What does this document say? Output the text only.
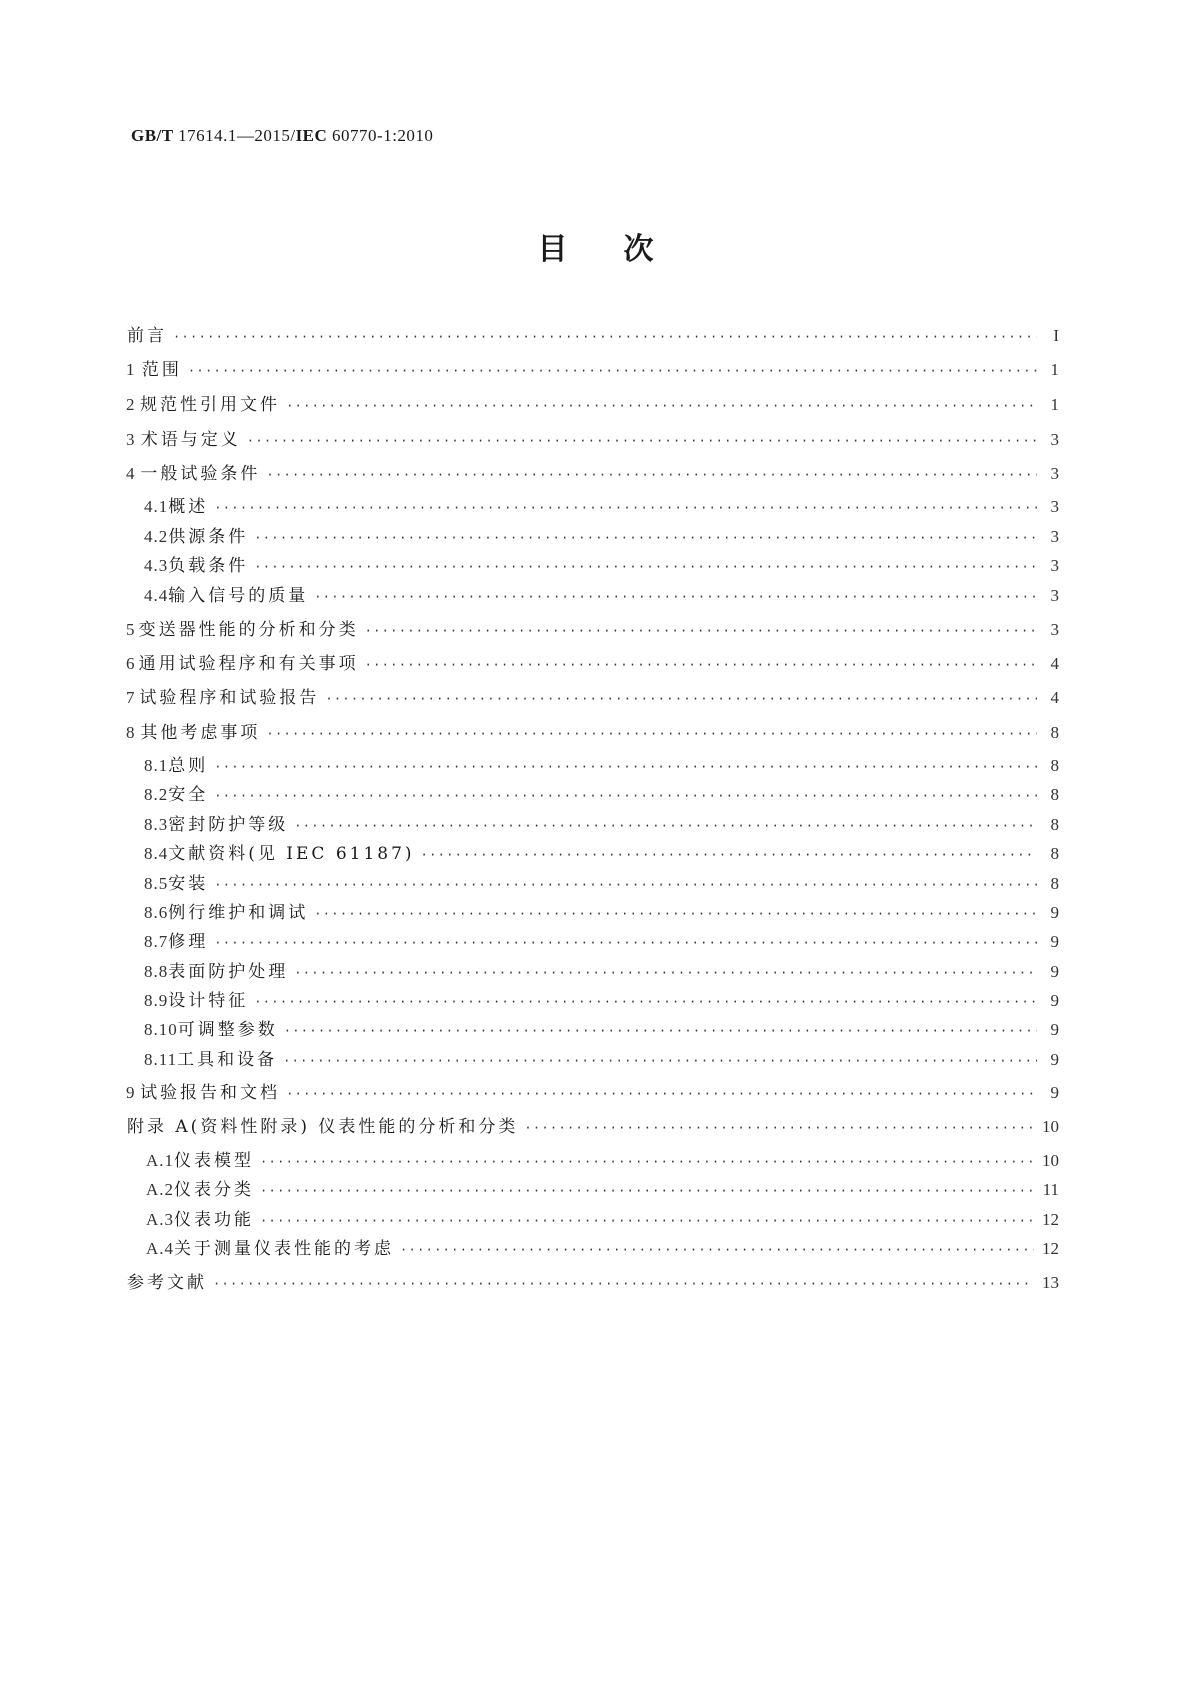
GB/T 17614.1—2015/IEC 60770-1:2010
目次
前言 ·····	I
1 范围 ·····	1
2 规范性引用文件 ·····	1
3 术语与定义 ·····	3
4 一般试验条件 ·····	3
4.1 概述 ·····	3
4.2 供源条件 ·····	3
4.3 负载条件 ·····	3
4.4 输入信号的质量 ·····	3
5 变送器性能的分析和分类 ·····	3
6 通用试验程序和有关事项 ·····	4
7 试验程序和试验报告 ·····	4
8 其他考虑事项 ·····	8
8.1 总则 ·····	8
8.2 安全 ·····	8
8.3 密封防护等级 ·····	8
8.4 文献资料(见 IEC 61187) ·····	8
8.5 安装 ·····	8
8.6 例行维护和调试 ·····	9
8.7 修理 ·····	9
8.8 表面防护处理 ·····	9
8.9 设计特征 ·····	9
8.10 可调整参数 ·····	9
8.11 工具和设备 ·····	9
9 试验报告和文档 ·····	9
附录 A(资料性附录) 仪表性能的分析和分类 ·····	10
A.1 仪表模型 ·····	10
A.2 仪表分类 ·····	11
A.3 仪表功能 ·····	12
A.4 关于测量仪表性能的考虑 ·····	12
参考文献 ·····	13
